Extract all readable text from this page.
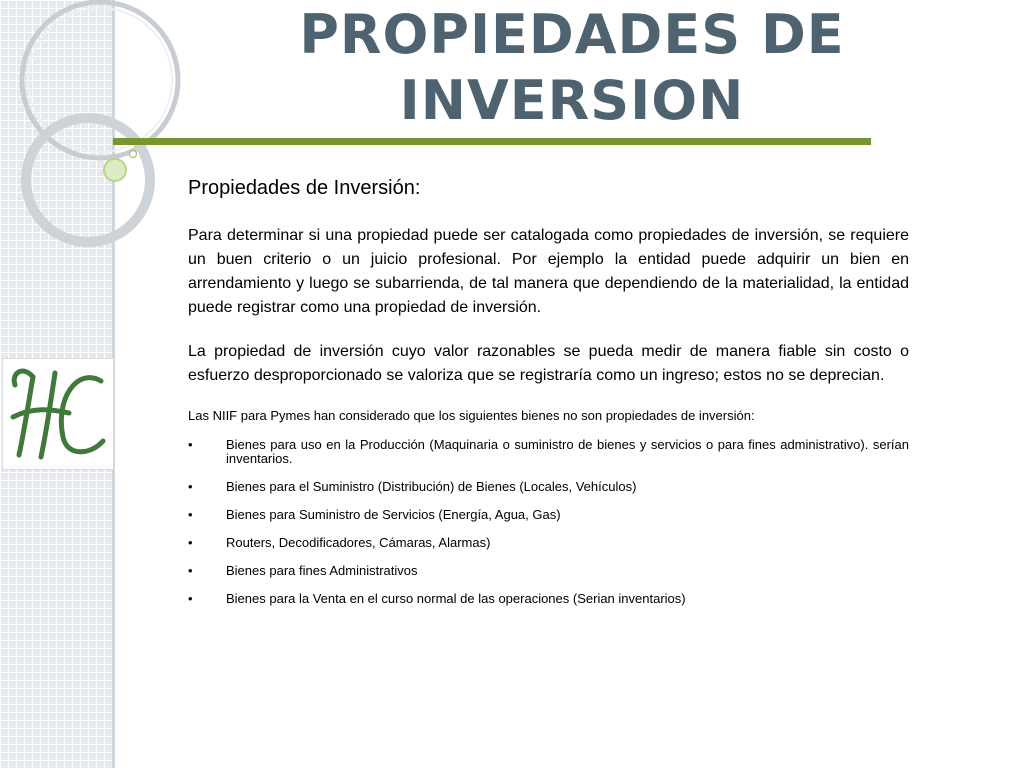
PROPIEDADES DE
INVERSION

Propiedades de Inversión:

Para determinar si una propiedad puede ser catalogada como propiedades de inversión, se requiere un buen criterio o un juicio profesional. Por ejemplo la entidad puede adquirir un bien en arrendamiento y luego se subarrienda, de tal manera que dependiendo de la materialidad, la entidad puede registrar como una propiedad de inversión.

La propiedad de inversión cuyo valor razonables se pueda medir de manera fiable sin costo o esfuerzo desproporcionado se valoriza que se registraría como un ingreso; estos no se deprecian.

Las NIIF para Pymes han considerado que los siguientes bienes no son propiedades de inversión:

•	Bienes para uso en la Producción (Maquinaria o suministro de bienes y servicios o para fines administrativo). serían inventarios.
•	Bienes para el Suministro (Distribución) de Bienes (Locales, Vehículos)
•	Bienes para Suministro de Servicios (Energía, Agua, Gas)
•	Routers, Decodificadores, Cámaras, Alarmas)
•	Bienes para fines Administrativos
•	Bienes para la Venta en el curso normal de las operaciones (Serian inventarios)
